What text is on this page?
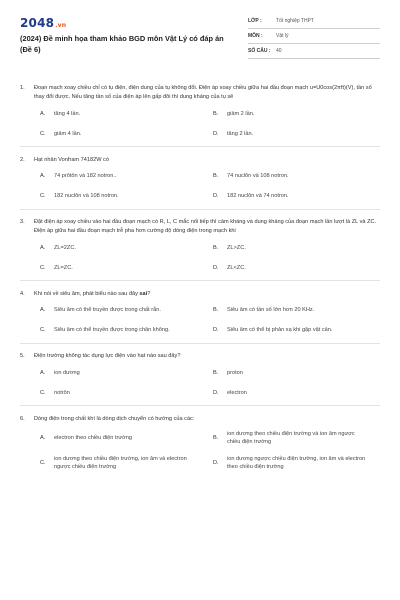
2048.vn
(2024) Đề minh họa tham khảo BGD môn Vật Lý có đáp án (Đề 6)
LỚP :	Tốt nghiệp THPT
MÔN :	Vật lý
SỐ CÂU :	40
1.	Đoạn mạch xoay chiều chỉ có tụ điện, điện dung của tụ không đổi. Điện áp xoay chiều giữa hai đầu đoạn mạch u=U0cos(2πft)(V), tần số thay đổi được. Nếu tăng tần số của điện áp lên gấp đôi thì dung kháng của tụ sẽ
A.	tăng 4 lần.	B.	giảm 2 lần.
C.	giảm 4 lần.	D.	tăng 2 lần.
2.	Hạt nhân Vonfram 74182W có
A.	74 prôtôn và 182 notron..	B.	74 nuclôn và 108 notron.
C.	182 nuclôn và 108 notron.	D.	182 nuclôn và 74 notron.
3.	Đặt điện áp xoay chiều vào hai đầu đoạn mạch có R, L, C mắc nối tiếp thì cảm kháng và dung kháng của đoạn mạch lần lượt là ZL và ZC. Điện áp giữa hai đầu đoạn mạch trễ pha hơn cường độ dòng điện trong mạch khi
A.	ZL=2ZC.	B.	ZL>ZC.
C.	ZL=ZC.	D.	ZL<ZC.
4.	Khi nói về siêu âm, phát biểu nào sau đây sai?
A.	Siêu âm có thể truyền được trong chất rắn.	B.	Siêu âm có tần số lớn hơn 20 KHz.
C.	Siêu âm có thể truyền được trong chân không.	D.	Siêu âm có thể bị phản xạ khi gặp vật cản.
5.	Điện trường không tác dụng lực điện vào hạt nào sau đây?
A.	ion dương	B.	proton
C.	notrôn	D.	electron
6.	Dòng điện trong chất khí là dòng dịch chuyển có hướng của các:
A.	electron theo chiều điện trường	B.
ion dương theo chiều điện trường và ion âm ngược chiều điện trường
C.
ion dương theo chiều điện trường, ion âm và electron ngược chiều điện trường
D.
ion dương ngược chiều điện trường, ion âm và electron theo chiều điện trường
